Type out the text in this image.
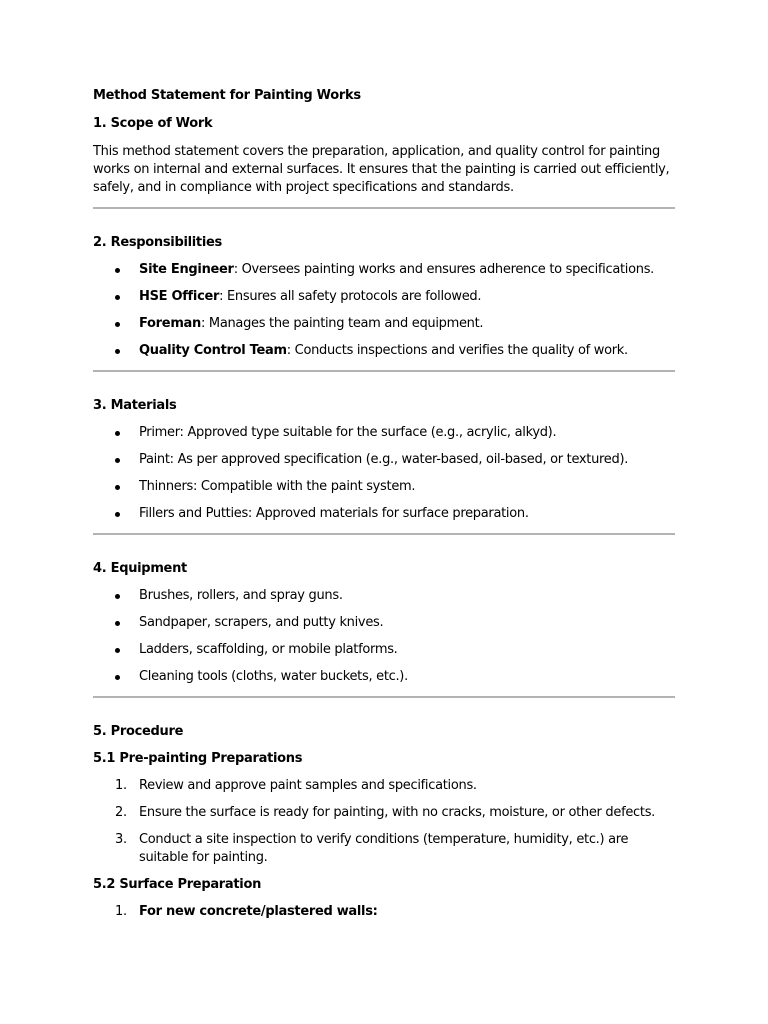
Method Statement for Painting Works

1. Scope of Work

This method statement covers the preparation, application, and quality control for painting works on internal and external surfaces. It ensures that the painting is carried out efficiently, safely, and in compliance with project specifications and standards.

2. Responsibilities
Site Engineer: Oversees painting works and ensures adherence to specifications.
HSE Officer: Ensures all safety protocols are followed.
Foreman: Manages the painting team and equipment.
Quality Control Team: Conducts inspections and verifies the quality of work.
3. Materials
Primer: Approved type suitable for the surface (e.g., acrylic, alkyd).
Paint: As per approved specification (e.g., water-based, oil-based, or textured).
Thinners: Compatible with the paint system.
Fillers and Putties: Approved materials for surface preparation.
4. Equipment
Brushes, rollers, and spray guns.
Sandpaper, scrapers, and putty knives.
Ladders, scaffolding, or mobile platforms.
Cleaning tools (cloths, water buckets, etc.).
5. Procedure
5.1 Pre-painting Preparations
1. Review and approve paint samples and specifications.
2. Ensure the surface is ready for painting, with no cracks, moisture, or other defects.
3. Conduct a site inspection to verify conditions (temperature, humidity, etc.) are suitable for painting.
5.2 Surface Preparation
1. For new concrete/plastered walls:
